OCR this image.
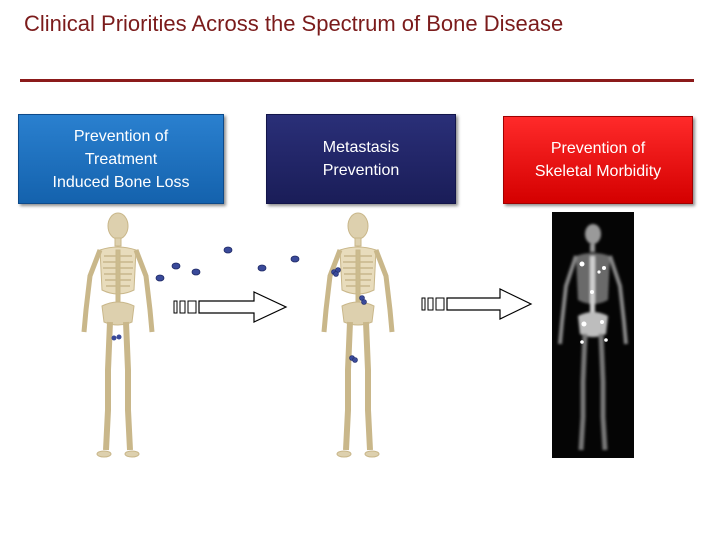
Clinical Priorities Across the Spectrum of Bone Disease
Prevention of
Treatment
Induced Bone Loss
Metastasis
Prevention
Prevention of
Skeletal Morbidity
